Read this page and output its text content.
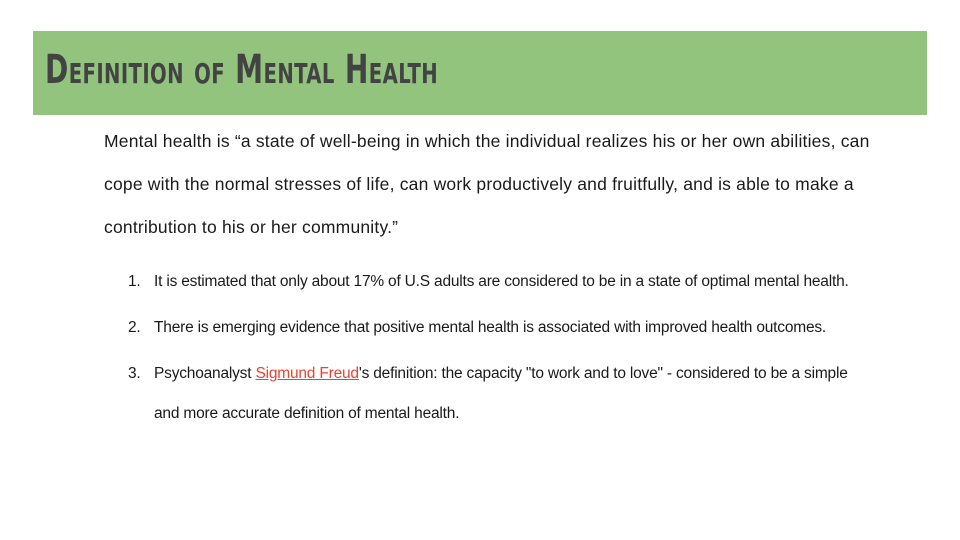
Definition of Mental Health

Mental health is “a state of well-being in which the individual realizes his or her own abilities, can cope with the normal stresses of life, can work productively and fruitfully, and is able to make a contribution to his or her community.”

1. It is estimated that only about 17% of U.S adults are considered to be in a state of optimal mental health.
2. There is emerging evidence that positive mental health is associated with improved health outcomes.
3. Psychoanalyst Sigmund Freud's definition: the capacity "to work and to love" - considered to be a simple and more accurate definition of mental health.
